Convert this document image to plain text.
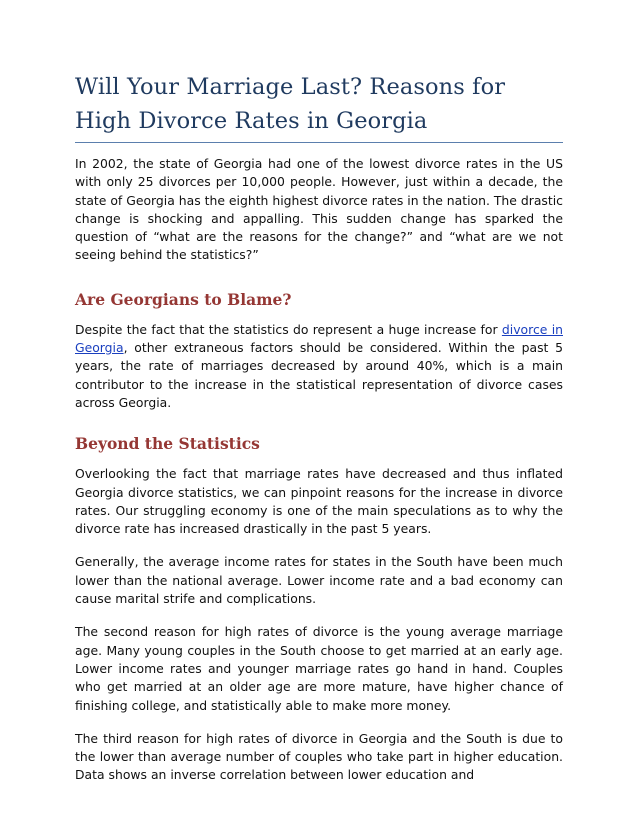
Will Your Marriage Last? Reasons for
High Divorce Rates in Georgia

In 2002, the state of Georgia had one of the lowest divorce rates in the US with only 25 divorces per 10,000 people. However, just within a decade, the state of Georgia has the eighth highest divorce rates in the nation. The drastic change is shocking and appalling. This sudden change has sparked the question of “what are the reasons for the change?” and “what are we not seeing behind the statistics?”

Are Georgians to Blame?

Despite the fact that the statistics do represent a huge increase for divorce in Georgia, other extraneous factors should be considered. Within the past 5 years, the rate of marriages decreased by around 40%, which is a main contributor to the increase in the statistical representation of divorce cases across Georgia.

Beyond the Statistics

Overlooking the fact that marriage rates have decreased and thus inflated Georgia divorce statistics, we can pinpoint reasons for the increase in divorce rates. Our struggling economy is one of the main speculations as to why the divorce rate has increased drastically in the past 5 years.

Generally, the average income rates for states in the South have been much lower than the national average. Lower income rate and a bad economy can cause marital strife and complications.

The second reason for high rates of divorce is the young average marriage age. Many young couples in the South choose to get married at an early age. Lower income rates and younger marriage rates go hand in hand. Couples who get married at an older age are more mature, have higher chance of finishing college, and statistically able to make more money.

The third reason for high rates of divorce in Georgia and the South is due to the lower than average number of couples who take part in higher education. Data shows an inverse correlation between lower education and
